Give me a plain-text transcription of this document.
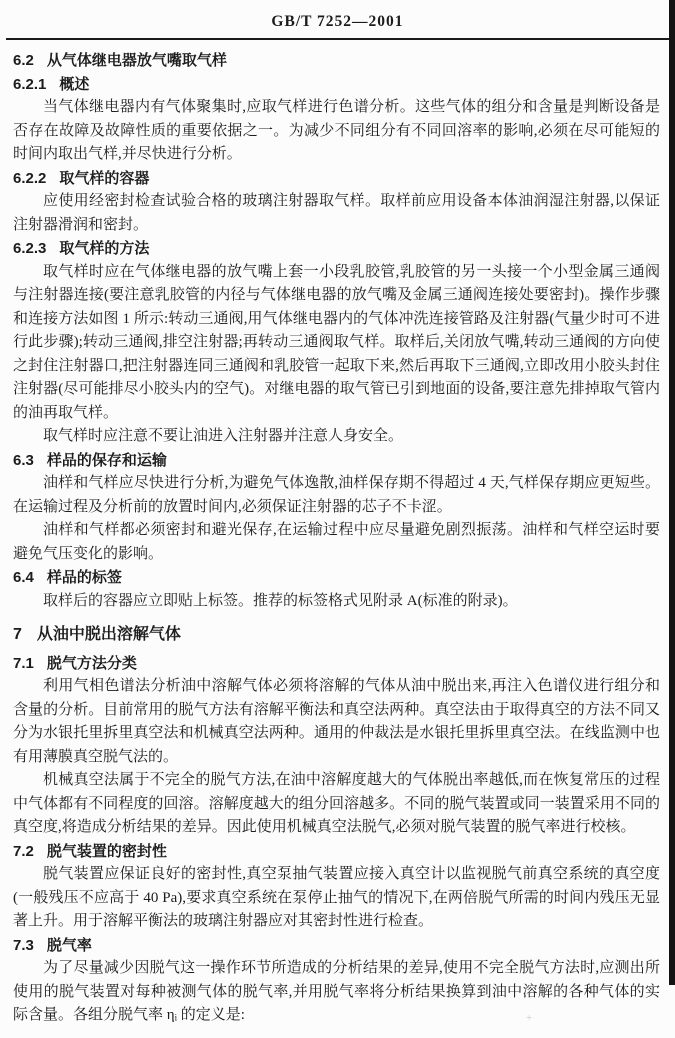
GB/T 7252—2001
6.2 从气体继电器放气嘴取气样
6.2.1 概述

当气体继电器内有气体聚集时,应取气样进行色谱分析。这些气体的组分和含量是判断设备是否存在故障及故障性质的重要依据之一。为减少不同组分有不同回溶率的影响,必须在尽可能短的时间内取出气样,并尽快进行分析。

6.2.2 取气样的容器

应使用经密封检查试验合格的玻璃注射器取气样。取样前应用设备本体油润湿注射器,以保证注射器滑润和密封。

6.2.3 取气样的方法

取气样时应在气体继电器的放气嘴上套一小段乳胶管,乳胶管的另一头接一个小型金属三通阀与注射器连接(要注意乳胶管的内径与气体继电器的放气嘴及金属三通阀连接处要密封)。操作步骤和连接方法如图 1 所示:转动三通阀,用气体继电器内的气体冲洗连接管路及注射器(气量少时可不进行此步骤);转动三通阀,排空注射器;再转动三通阀取气样。取样后,关闭放气嘴,转动三通阀的方向使之封住注射器口,把注射器连同三通阀和乳胶管一起取下来,然后再取下三通阀,立即改用小胶头封住注射器(尽可能排尽小胶头内的空气)。对继电器的取气管已引到地面的设备,要注意先排掉取气管内的油再取气样。

取气样时应注意不要让油进入注射器并注意人身安全。

6.3 样品的保存和运输

油样和气样应尽快进行分析,为避免气体逸散,油样保存期不得超过 4 天,气样保存期应更短些。在运输过程及分析前的放置时间内,必须保证注射器的芯子不卡涩。

油样和气样都必须密封和避光保存,在运输过程中应尽量避免剧烈振荡。油样和气样空运时要避免气压变化的影响。

6.4 样品的标签

取样后的容器应立即贴上标签。推荐的标签格式见附录 A(标准的附录)。

7 从油中脱出溶解气体
7.1 脱气方法分类

利用气相色谱法分析油中溶解气体必须将溶解的气体从油中脱出来,再注入色谱仪进行组分和含量的分析。目前常用的脱气方法有溶解平衡法和真空法两种。真空法由于取得真空的方法不同又分为水银托里拆里真空法和机械真空法两种。通用的仲裁法是水银托里拆里真空法。在线监测中也有用薄膜真空脱气法的。

机械真空法属于不完全的脱气方法,在油中溶解度越大的气体脱出率越低,而在恢复常压的过程中气体都有不同程度的回溶。溶解度越大的组分回溶越多。不同的脱气装置或同一装置采用不同的真空度,将造成分析结果的差异。因此使用机械真空法脱气,必须对脱气装置的脱气率进行校核。

7.2 脱气装置的密封性

脱气装置应保证良好的密封性,真空泵抽气装置应接入真空计以监视脱气前真空系统的真空度(一般残压不应高于 40 Pa),要求真空系统在泵停止抽气的情况下,在两倍脱气所需的时间内残压无显著上升。用于溶解平衡法的玻璃注射器应对其密封性进行检查。

7.3 脱气率

为了尽量减少因脱气这一操作环节所造成的分析结果的差异,使用不完全脱气方法时,应测出所使用的脱气装置对每种被测气体的脱气率,并用脱气率将分析结果换算到油中溶解的各种气体的实际含量。各组分脱气率 ηᵢ 的定义是:	+
